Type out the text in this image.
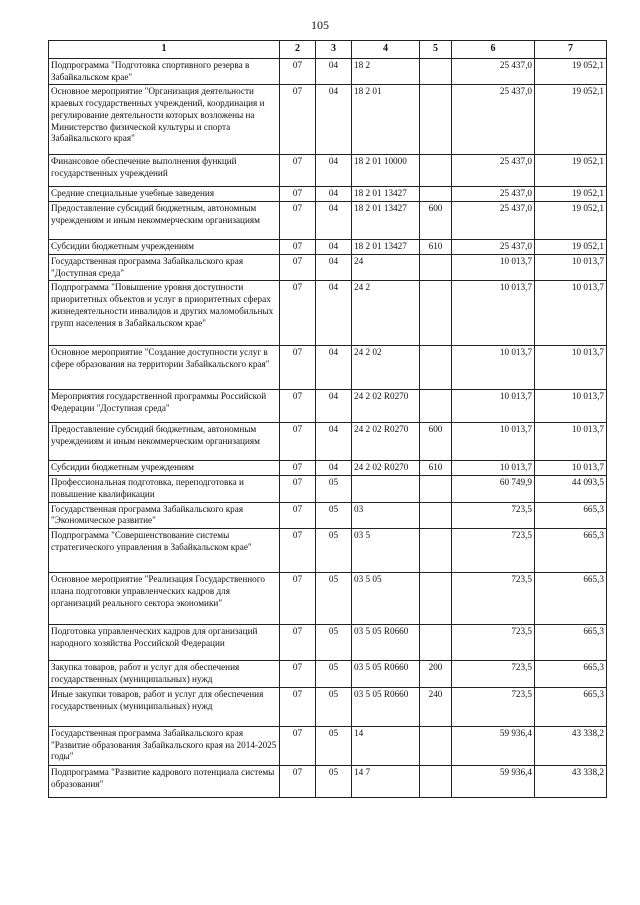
105
1	2	3	4	5	6	7
Подпрограмма "Подготовка спортивного резерва в Забайкальском крае"	07	04	18 2		25 437,0	19 052,1
Основное мероприятие "Организация деятельности краевых государственных учреждений, координация и регулирование деятельности которых возложены на Министерство физической культуры и спорта Забайкальского края"	07	04	18 2 01		25 437,0	19 052,1
Финансовое обеспечение выполнения функций государственных учреждений	07	04	18 2 01 10000		25 437,0	19 052,1
Средние специальные учебные заведения	07	04	18 2 01 13427		25 437,0	19 052,1
Предоставление субсидий бюджетным, автономным учреждениям и иным некоммерческим организациям	07	04	18 2 01 13427	600	25 437,0	19 052,1
Субсидии бюджетным учреждениям	07	04	18 2 01 13427	610	25 437,0	19 052,1
Государственная программа Забайкальского края "Доступная среда"	07	04	24		10 013,7	10 013,7
Подпрограмма "Повышение уровня доступности приоритетных объектов и услуг в приоритетных сферах жизнедеятельности инвалидов и других маломобильных групп населения в Забайкальском крае"	07	04	24 2		10 013,7	10 013,7
Основное мероприятие "Создание доступности услуг в сфере образования на территории Забайкальского края"	07	04	24 2 02		10 013,7	10 013,7
Мероприятия государственной программы Российской Федерации "Доступная среда"	07	04	24 2 02 R0270		10 013,7	10 013,7
Предоставление субсидий бюджетным, автономным учреждениям и иным некоммерческим организациям	07	04	24 2 02 R0270	600	10 013,7	10 013,7
Субсидии бюджетным учреждениям	07	04	24 2 02 R0270	610	10 013,7	10 013,7
Профессиональная подготовка, переподготовка и повышение квалификации	07	05			60 749,9	44 093,5
Государственная программа Забайкальского края "Экономическое развитие"	07	05	03		723,5	665,3
Подпрограмма "Совершенствование системы стратегического управления в Забайкальском крае"	07	05	03 5		723,5	665,3
Основное мероприятие "Реализация Государственного плана подготовки управленческих кадров для организаций реального сектора экономики"	07	05	03 5 05		723,5	665,3
Подготовка управленческих кадров для организаций народного хозяйства Российской Федерации	07	05	03 5 05 R0660		723,5	665,3
Закупка товаров, работ и услуг для обеспечения государственных (муниципальных) нужд	07	05	03 5 05 R0660	200	723,5	665,3
Иные закупки товаров, работ и услуг для обеспечения государственных (муниципальных) нужд	07	05	03 5 05 R0660	240	723,5	665,3
Государственная программа Забайкальского края "Развитие образования Забайкальского края на 2014-2025 годы"	07	05	14		59 936,4	43 338,2
Подпрограмма "Развитие кадрового потенциала системы образования"	07	05	14 7		59 936,4	43 338,2
